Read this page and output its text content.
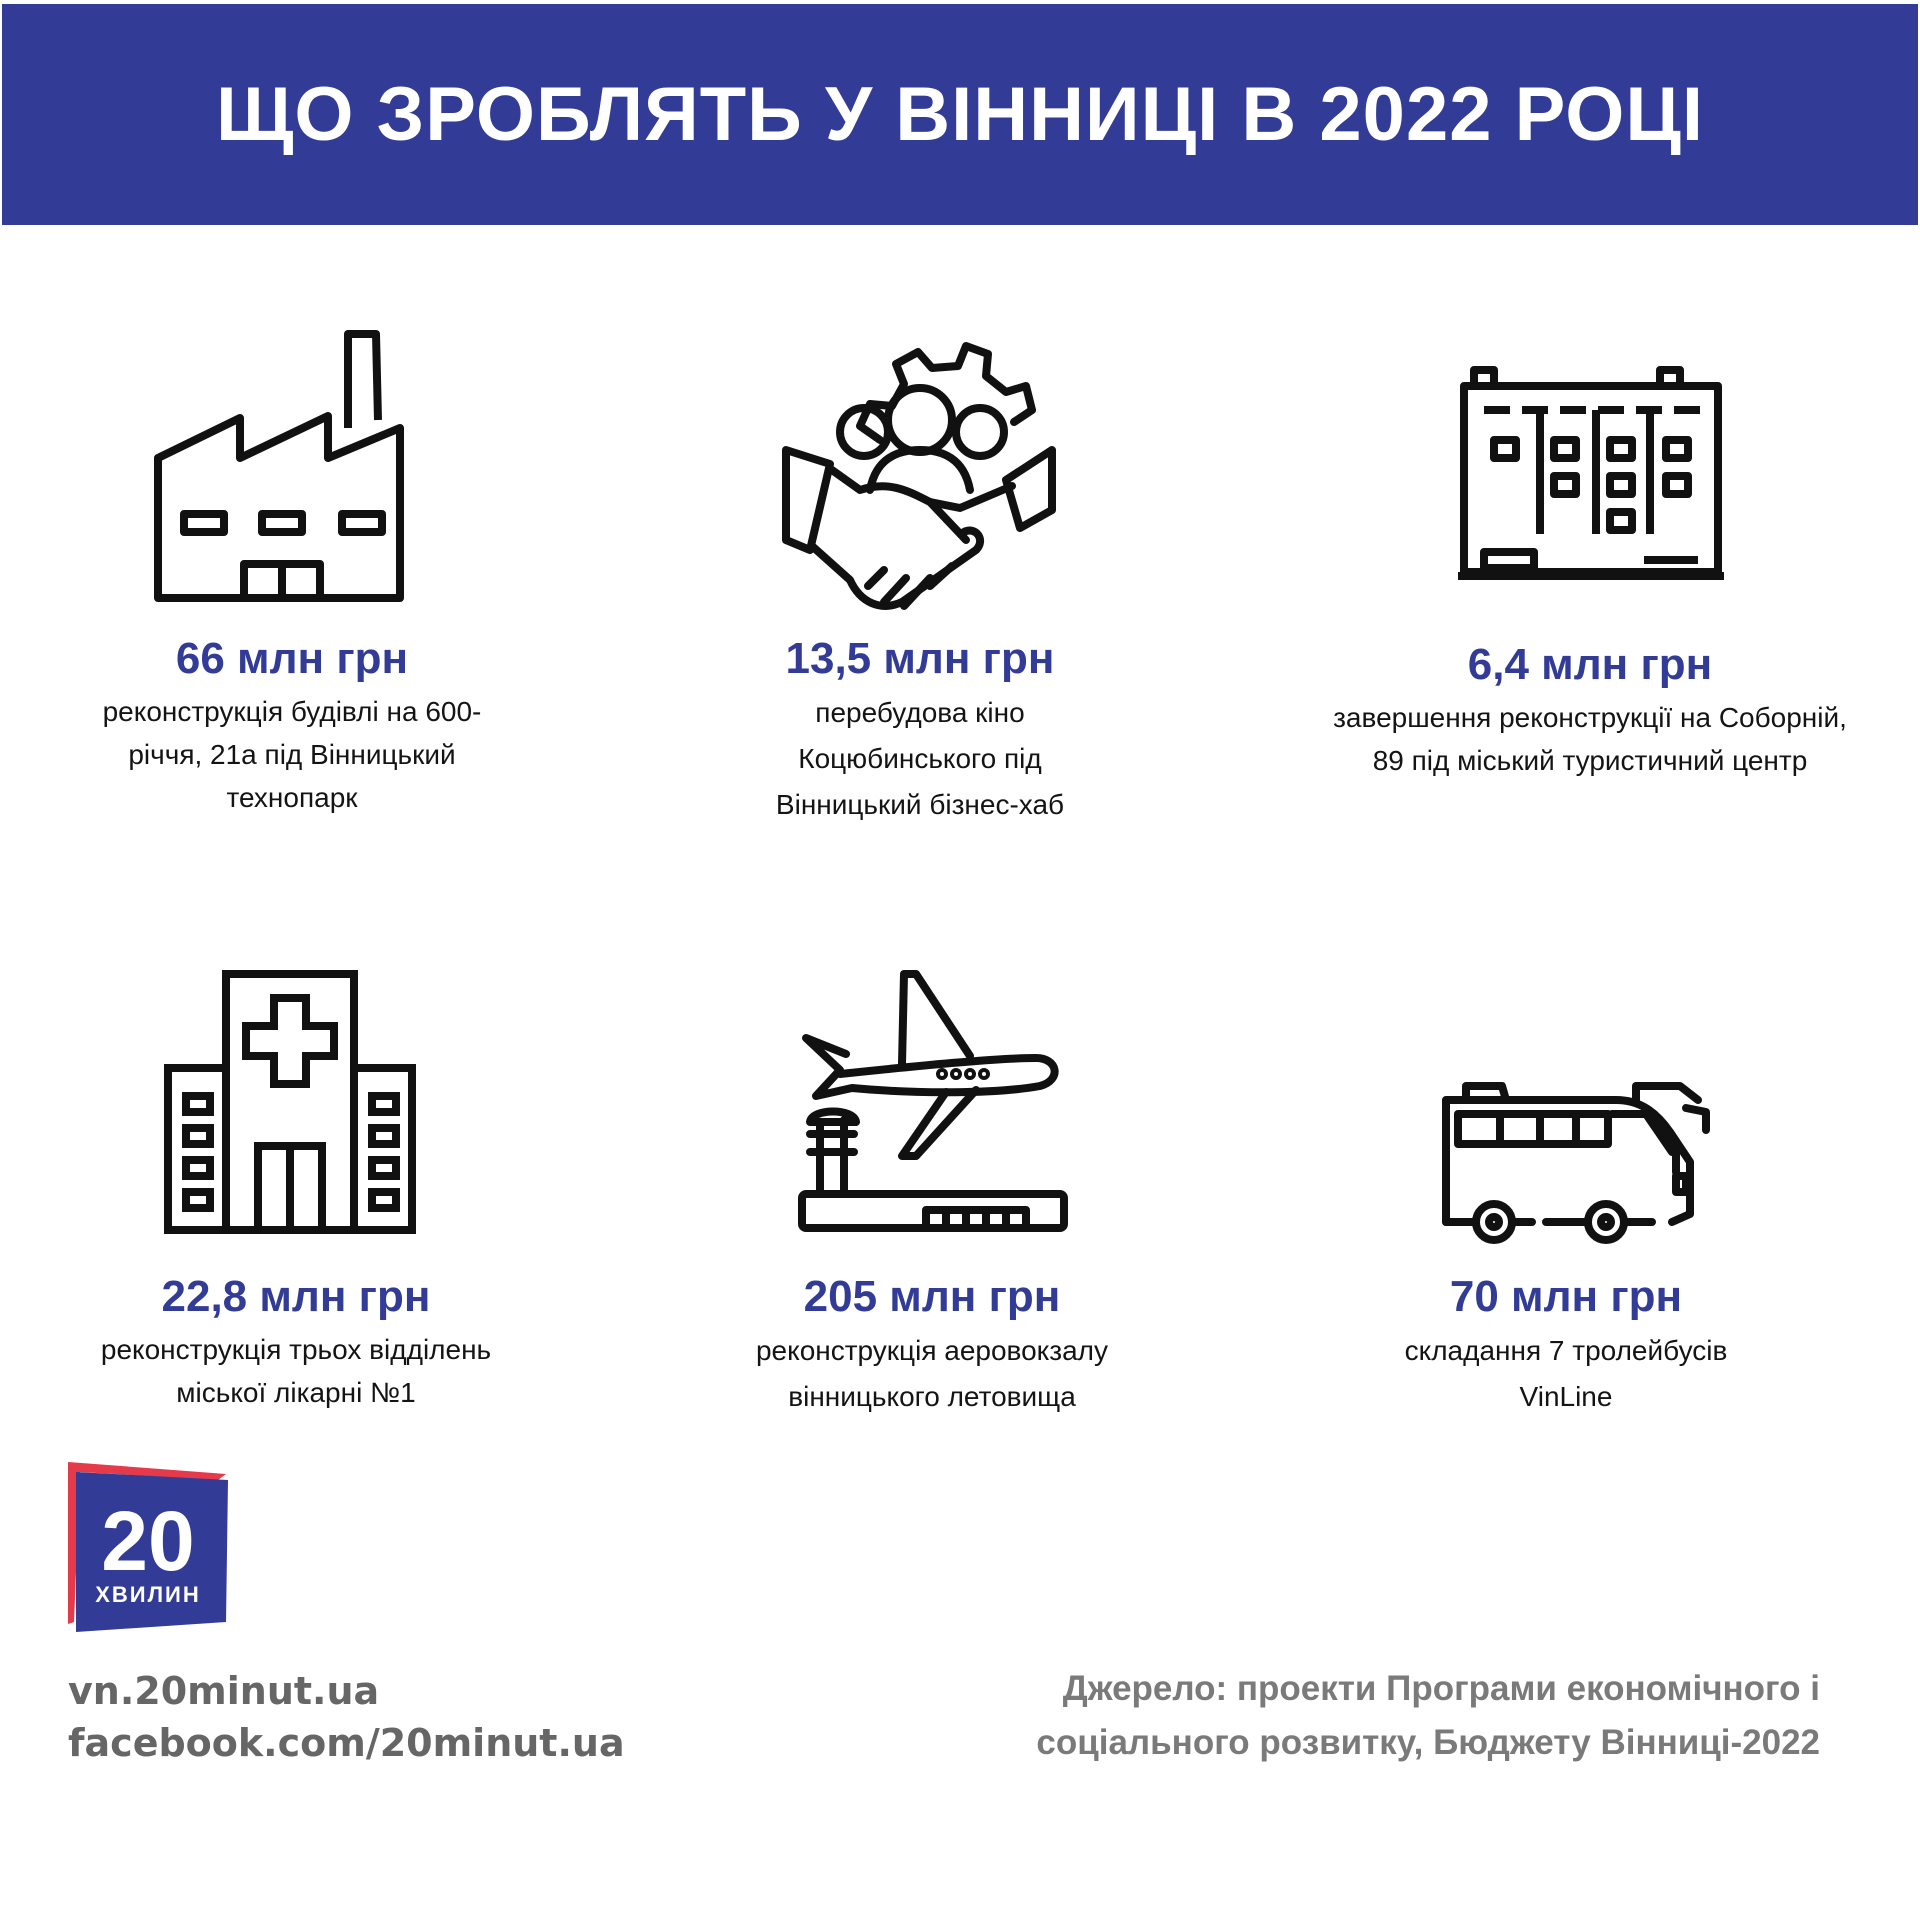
ЩО ЗРОБЛЯТЬ У ВІННИЦІ В 2022 РОЦІ

66 млн грн

реконструкція будівлі на 600-річчя, 21а під Вінницький технопарк

13,5 млн грн

перебудова кіно Коцюбинського під Вінницький бізнес-хаб

6,4 млн грн

завершення реконструкції на Соборній, 89 під міський туристичний центр

22,8 млн грн

реконструкція трьох відділень міської лікарні №1

205 млн грн

реконструкція аеровокзалу вінницького летовища

70 млн грн

складання 7 тролейбусів VinLine

20
ХВИЛИН
vn.20minut.ua
facebook.com/20minut.ua
Джерело: проекти Програми економічного і соціального розвитку, Бюджету Вінниці-2022
